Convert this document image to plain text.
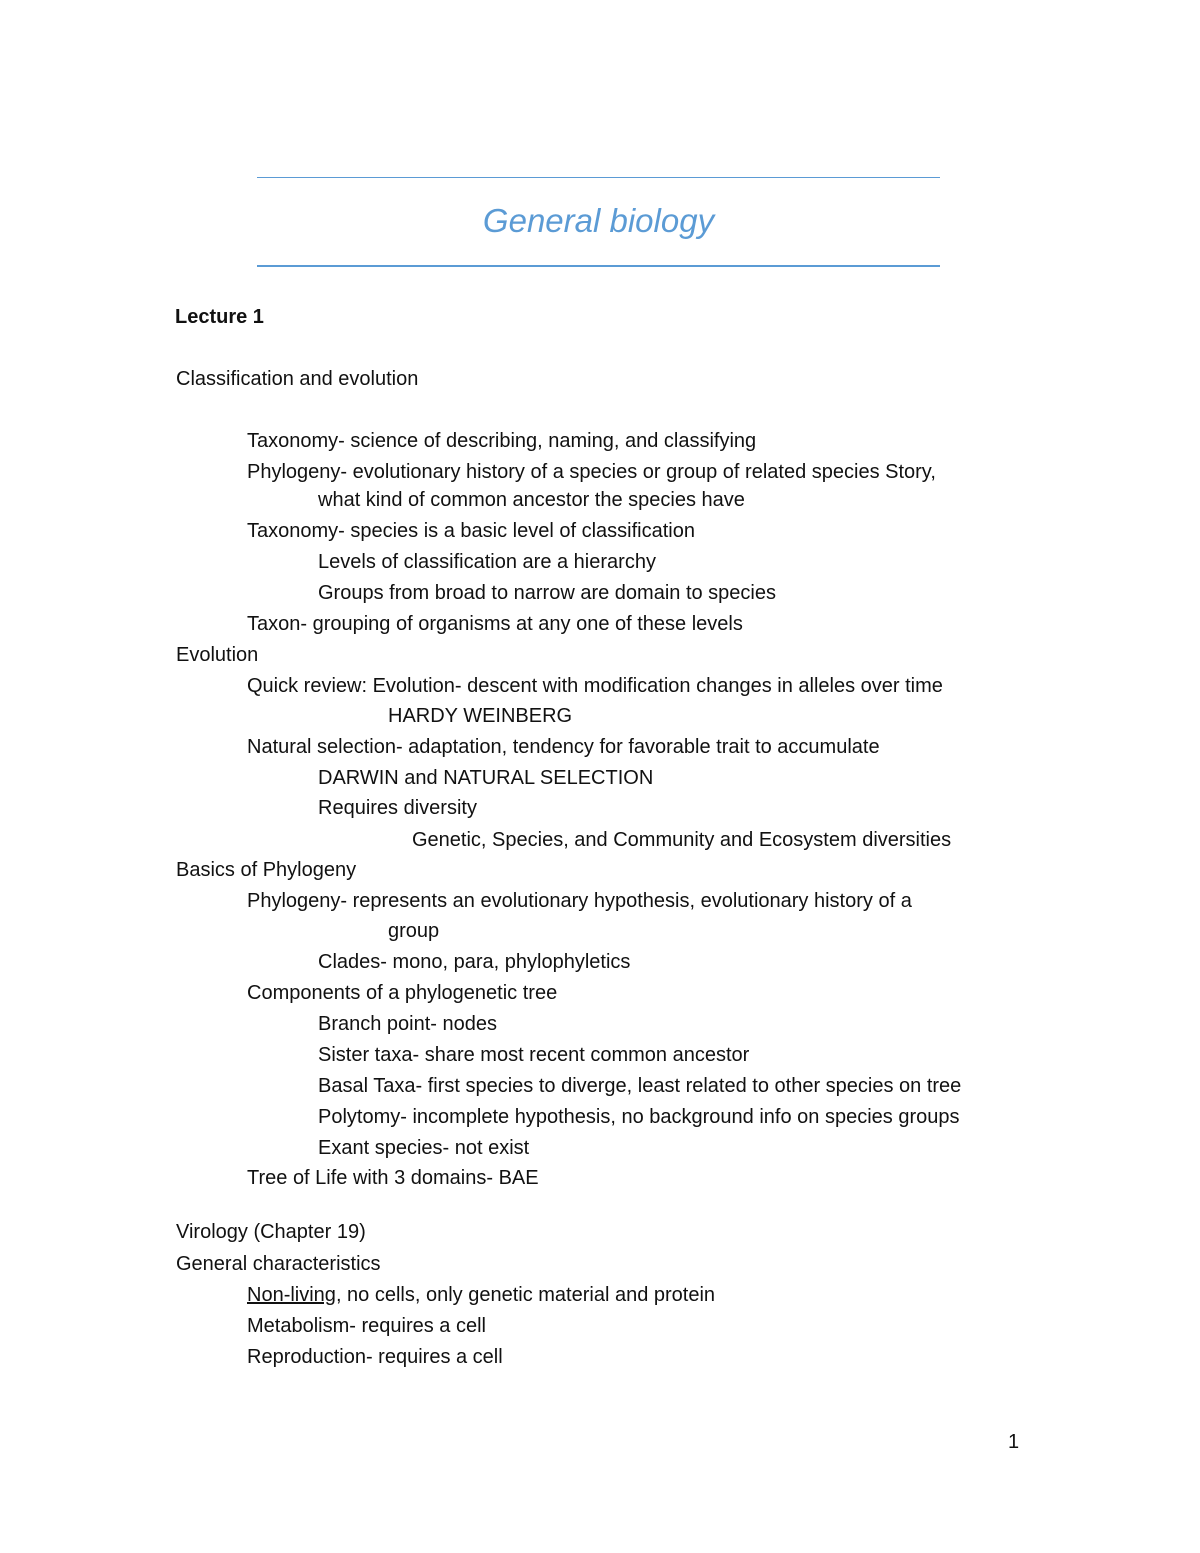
General biology
Lecture 1
Classification and evolution
Taxonomy- science of describing, naming, and classifying
Phylogeny- evolutionary history of a species or group of related species Story,
what kind of common ancestor the species have
Taxonomy- species is a basic level of classification
Levels of classification are a hierarchy
Groups from broad to narrow are domain to species
Taxon- grouping of organisms at any one of these levels
Evolution
Quick review: Evolution- descent with modification changes in alleles over time
HARDY WEINBERG
Natural selection- adaptation, tendency for favorable trait to accumulate
DARWIN and NATURAL SELECTION
Requires diversity
Genetic, Species, and Community and Ecosystem diversities
Basics of Phylogeny
Phylogeny- represents an evolutionary hypothesis, evolutionary history of a
group
Clades- mono, para, phylophyletics
Components of a phylogenetic tree
Branch point- nodes
Sister taxa- share most recent common ancestor
Basal Taxa- first species to diverge, least related to other species on tree
Polytomy- incomplete hypothesis, no background info on species groups
Exant species- not exist
Tree of Life with 3 domains- BAE
Virology (Chapter 19)
General characteristics
Non-living, no cells, only genetic material and protein
Metabolism- requires a cell
Reproduction- requires a cell
1
